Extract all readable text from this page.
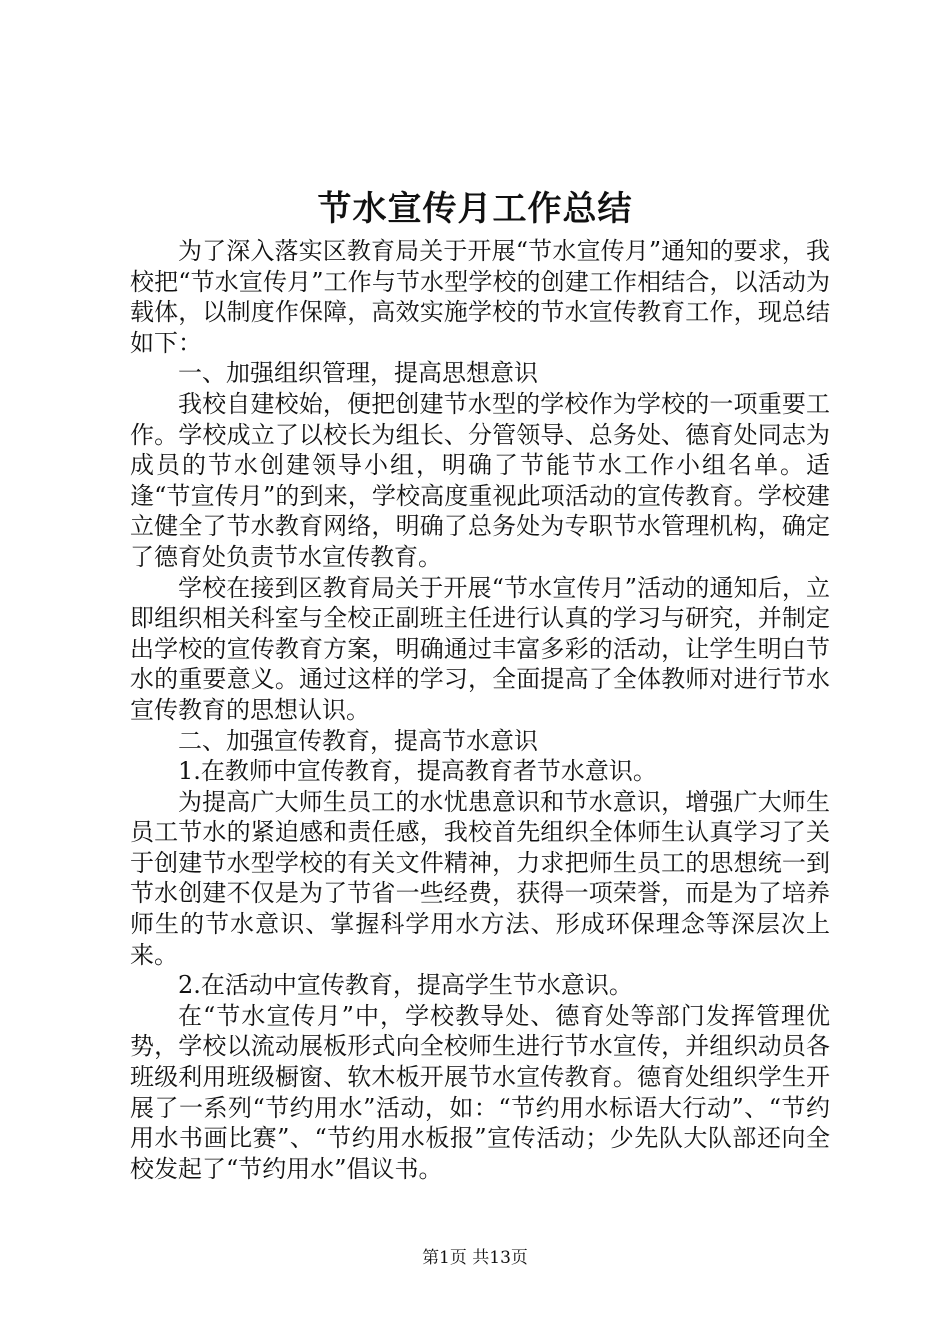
节水宣传月工作总结

为了深入落实区教育局关于开展“节水宣传月”通知的要求，我校把“节水宣传月”工作与节水型学校的创建工作相结合，以活动为载体，以制度作保障，高效实施学校的节水宣传教育工作，现总结如下：

一、加强组织管理，提高思想意识

我校自建校始，便把创建节水型的学校作为学校的一项重要工作。学校成立了以校长为组长、分管领导、总务处、德育处同志为成员的节水创建领导小组，明确了节能节水工作小组名单。适逢“节宣传月”的到来，学校高度重视此项活动的宣传教育。学校建立健全了节水教育网络，明确了总务处为专职节水管理机构，确定了德育处负责节水宣传教育。

学校在接到区教育局关于开展“节水宣传月”活动的通知后，立即组织相关科室与全校正副班主任进行认真的学习与研究，并制定出学校的宣传教育方案，明确通过丰富多彩的活动，让学生明白节水的重要意义。通过这样的学习，全面提高了全体教师对进行节水宣传教育的思想认识。

二、加强宣传教育，提高节水意识

1.在教师中宣传教育，提高教育者节水意识。

为提高广大师生员工的水忧患意识和节水意识，增强广大师生员工节水的紧迫感和责任感，我校首先组织全体师生认真学习了关于创建节水型学校的有关文件精神，力求把师生员工的思想统一到节水创建不仅是为了节省一些经费，获得一项荣誉，而是为了培养师生的节水意识、掌握科学用水方法、形成环保理念等深层次上来。

2.在活动中宣传教育，提高学生节水意识。

在“节水宣传月”中，学校教导处、德育处等部门发挥管理优势，学校以流动展板形式向全校师生进行节水宣传，并组织动员各班级利用班级橱窗、软木板开展节水宣传教育。德育处组织学生开展了一系列“节约用水”活动，如：“节约用水标语大行动”、“节约用水书画比赛”、“节约用水板报”宣传活动；少先队大队部还向全校发起了“节约用水”倡议书。

第1页 共13页
